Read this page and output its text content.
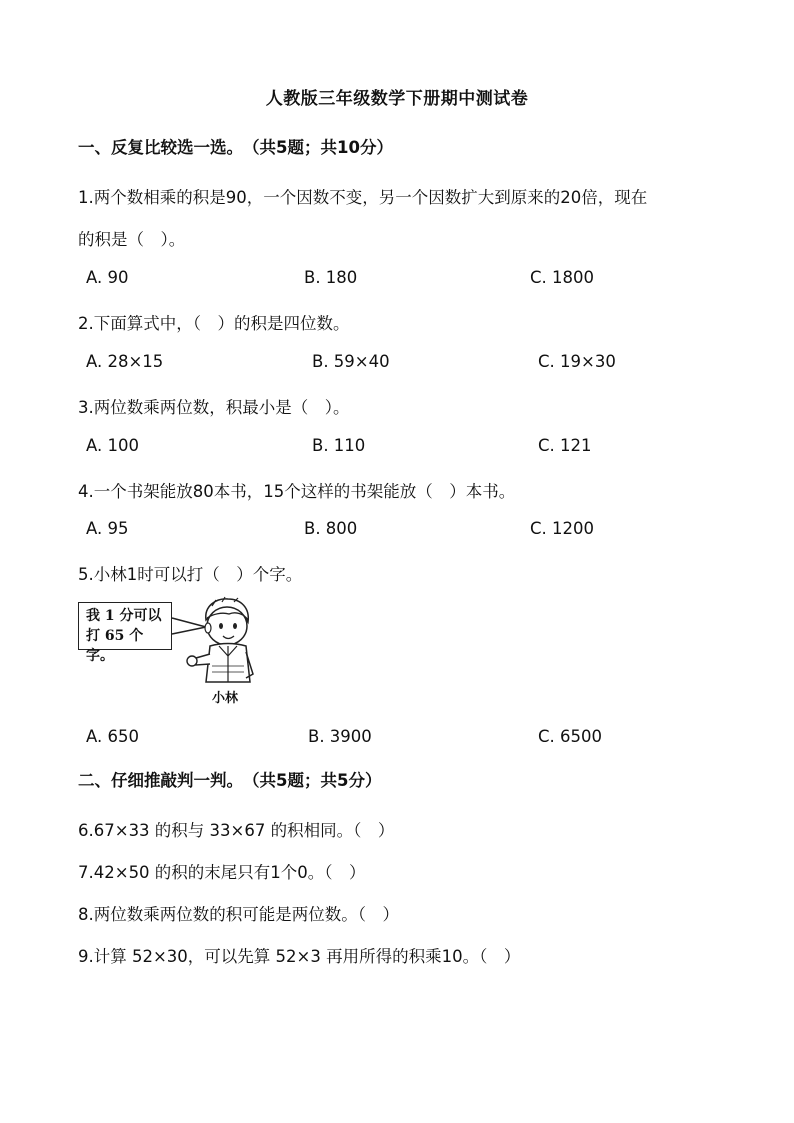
人教版三年级数学下册期中测试卷
一、反复比较选一选。　（共5题；共10分）
1.两个数相乘的积是90，一个因数不变，另一个因数扩大到原来的20倍，现在
的积是（　）。
A. 90	B. 180	C. 1800
2.下面算式中，（　）的积是四位数。
A. 28×15	B. 59×40	C. 19×30
3.两位数乘两位数，积最小是（　）。
A. 100	B. 110	C. 121
4.一个书架能放80本书，15个这样的书架能放（　）本书。
A. 95	B. 800	C. 1200
5.小林1时可以打（　）个字。
我 1 分可以
打 65 个字。
小林
A. 650	B. 3900	C. 6500
二、仔细推敲判一判。　（共5题；共5分）
6.67×33 的积与 33×67 的积相同。（　）
7.42×50 的积的末尾只有1个0。（　）
8.两位数乘两位数的积可能是两位数。（　）
9.计算 52×30，可以先算 52×3 再用所得的积乘10。（　）
